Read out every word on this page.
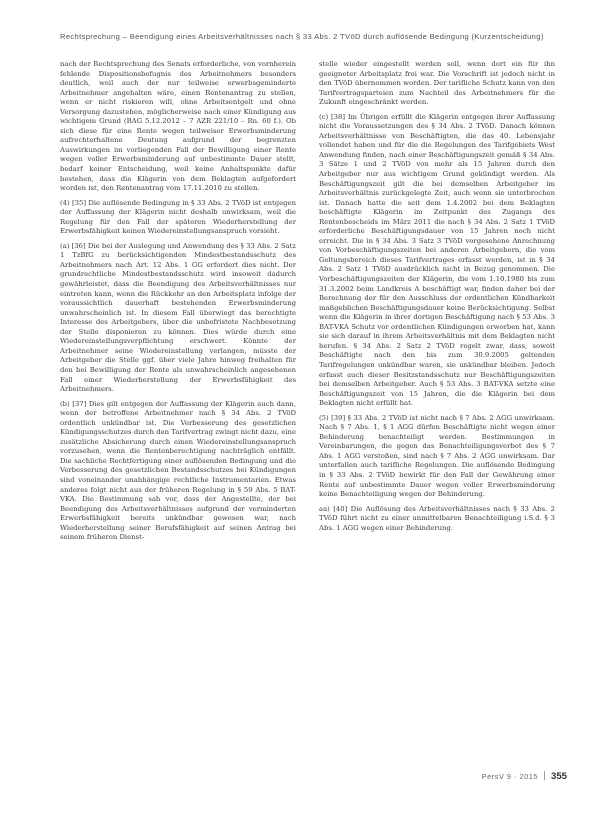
Rechtsprechung – Beendigung eines Arbeitsverhältnisses nach § 33 Abs. 2 TVöD durch auflösende Bedingung (Kurzentscheidung)

nach der Rechtsprechung des Senats erforderliche, von vornherein fehlende Dispositionsbefugnis des Arbeitnehmers besonders deutlich, weil auch der nur teilweise erwerbsgeminderte Arbeitnehmer angehalten wäre, einen Rentenantrag zu stellen, wenn er nicht riskieren will, ohne Arbeitsentgelt und ohne Versorgung dazustehen, möglicherweise nach einer Kündigung aus wichtigem Grund (BAG 5.12.2012 – 7 AZR 221/10 – Rn. 60 f.). Ob sich diese für eine Rente wegen teilweiser Erwerbsminderung aufrechterhaltene Deutung aufgrund der begrenzten Auswirkungen im vorliegenden Fall der Bewilligung einer Rente wegen voller Erwerbsminderung auf unbestimmte Dauer stellt, bedarf keiner Entscheidung, weil keine Anhaltspunkte dafür bestehen, dass die Klägerin von dem Beklagten aufgefordert worden ist, den Rentenantrag vom 17.11.2010 zu stellen.

(4) [35] Die auflösende Bedingung in § 33 Abs. 2 TVöD ist entgegen der Auffassung der Klägerin nicht deshalb unwirksam, weil die Regelung für den Fall der späteren Wiederherstellung der Erwerbsfähigkeit keinen Wiedereinstellungsanspruch vorsieht.

(a) [36] Die bei der Auslegung und Anwendung des § 33 Abs. 2 Satz 1 TzBfG zu berücksichtigenden Mindestbestandsschutz des Arbeitnehmers nach Art. 12 Abs. 1 GG erfordert dies nicht. Der grundrechtliche Mindestbestandsschutz wird insoweit dadurch gewährleistet, dass die Beendigung des Arbeitsverhältnisses nur eintreten kann, wenn die Rückkehr an den Arbeitsplatz infolge der voraussichtlich dauerhaft bestehenden Erwerbsminderung unwahrscheinlich ist. In diesem Fall überwiegt das berechtigte Interesse des Arbeitgebers, über die unbefristete Nachbesetzung der Stelle disponieren zu können. Dies würde durch eine Wiedereinstellungsverpflichtung erschwert. Könnte der Arbeitnehmer seine Wiedereinstellung verlangen, müsste der Arbeitgeber die Stelle ggf. über viele Jahre hinweg freihalten für den bei Bewilligung der Rente als unwahrscheinlich angesehenen Fall einer Wiederherstellung der Erwerbsfähigkeit des Arbeitnehmers.

(b) [37] Dies gilt entgegen der Auffassung der Klägerin auch dann, wenn der betroffene Arbeitnehmer nach § 34 Abs. 2 TVöD ordentlich unkündbar ist. Die Verbesserung des gesetzlichen Kündigungsschutzes durch den Tarifvertrag zwingt nicht dazu, eine zusätzliche Absicherung durch einen Wiedereinstellungsanspruch vorzusehen, wenn die Rentenberechtigung nachträglich entfällt. Die sachliche Rechtfertigung einer auflösenden Bedingung und die Verbesserung des gesetzlichen Bestandsschutzes bei Kündigungen sind voneinander unabhängige rechtliche Instrumentarien. Etwas anderes folgt nicht aus der früheren Regelung in § 59 Abs. 5 BAT-VKA. Die Bestimmung sah vor, dass der Angestellte, der bei Beendigung des Arbeitsverhältnisses aufgrund der verminderten Erwerbsfähigkeit bereits unkündbar gewesen war, nach Wiederherstellung seiner Berufsfähigkeit auf seinen Antrag bei seinem früheren Dienst-

stelle wieder eingestellt werden soll, wenn dort ein für ihn geeigneter Arbeitsplatz frei war. Die Vorschrift ist jedoch nicht in den TVöD übernommen worden. Der tarifliche Schutz kann von den Tarifvertragsparteien zum Nachteil des Arbeitnehmers für die Zukunft eingeschränkt werden.

(c) [38] Im Übrigen erfüllt die Klägerin entgegen ihrer Auffassung nicht die Voraussetzungen des § 34 Abs. 2 TVöD. Danach können Arbeitsverhältnisse von Beschäftigten, die das 40. Lebensjahr vollendet haben und für die die Regelungen des Tarifgebiets West Anwendung finden, nach einer Beschäftigungszeit gemäß § 34 Abs. 3 Sätze 1 und 2 TVöD von mehr als 15 Jahren durch den Arbeitgeber nur aus wichtigem Grund gekündigt werden. Als Beschäftigungszeit gilt die bei demselben Arbeitgeber im Arbeitsverhältnis zurückgelegte Zeit, auch wenn sie unterbrochen ist. Danach hatte die seit dem 1.4.2002 bei dem Beklagten beschäftigte Klägerin im Zeitpunkt des Zugangs des Rentenbescheids im März 2011 die nach § 34 Abs. 2 Satz 1 TVöD erforderliche Beschäftigungsdauer von 15 Jahren noch nicht erreicht. Die in § 34 Abs. 3 Satz 3 TVöD vorgesehene Anrechnung von Vorbeschäftigungszeiten bei anderen Arbeitgebern, die vom Geltungsbereich dieses Tarifvertrages erfasst werden, ist in § 34 Abs. 2 Satz 1 TVöD ausdrücklich nicht in Bezug genommen. Die Vorbeschäftigungszeiten der Klägerin, die vom 1.10.1980 bis zum 31.3.2002 beim Landkreis A beschäftigt war, finden daher bei der Berechnung der für den Ausschluss der ordentlichen Kündbarkeit maßgeblichen Beschäftigungsdauer keine Berücksichtigung. Selbst wenn die Klägerin in ihrer dortigen Beschäftigung nach § 53 Abs. 3 BAT-VKA Schutz vor ordentlichen Kündigungen erworben hat, kann sie sich darauf in ihrem Arbeitsverhältnis mit dem Beklagten nicht berufen. § 34 Abs. 2 Satz 2 TVöD regelt zwar, dass, soweit Beschäftigte nach den bis zum 30.9.2005 geltenden Tarifregelungen unkündbar waren, sie unkündbar bleiben. Jedoch erfasst auch dieser Besitzstandsschutz nur Beschäftigungszeiten bei demselben Arbeitgeber. Auch § 53 Abs. 3 BAT-VKA setzte eine Beschäftigungszeit von 15 Jahren, die die Klägerin bei dem Beklagten nicht erfüllt hat.

(5) [39] § 33 Abs. 2 TVöD ist nicht nach § 7 Abs. 2 AGG unwirksam. Nach § 7 Abs. 1, § 1 AGG dürfen Beschäftigte nicht wegen einer Behinderung benachteiligt werden. Bestimmungen in Vereinbarungen, die gegen das Benachteiligungsverbot des § 7 Abs. 1 AGG verstoßen, sind nach § 7 Abs. 2 AGG unwirksam. Dar unterfallen auch tarifliche Regelungen. Die auflösende Bedingung in § 33 Abs. 2 TVöD bewirkt für den Fall der Gewährung einer Rente auf unbestimmte Dauer wegen voller Erwerbsminderung keine Benachteiligung wegen der Behinderung.

aa) [40] Die Auflösung des Arbeitsverhältnisses nach § 33 Abs. 2 TVöD führt nicht zu einer unmittelbaren Benachteiligung i.S.d. § 3 Abs. 1 AGG wegen einer Behinderung.

PersV 9 · 2015 355
